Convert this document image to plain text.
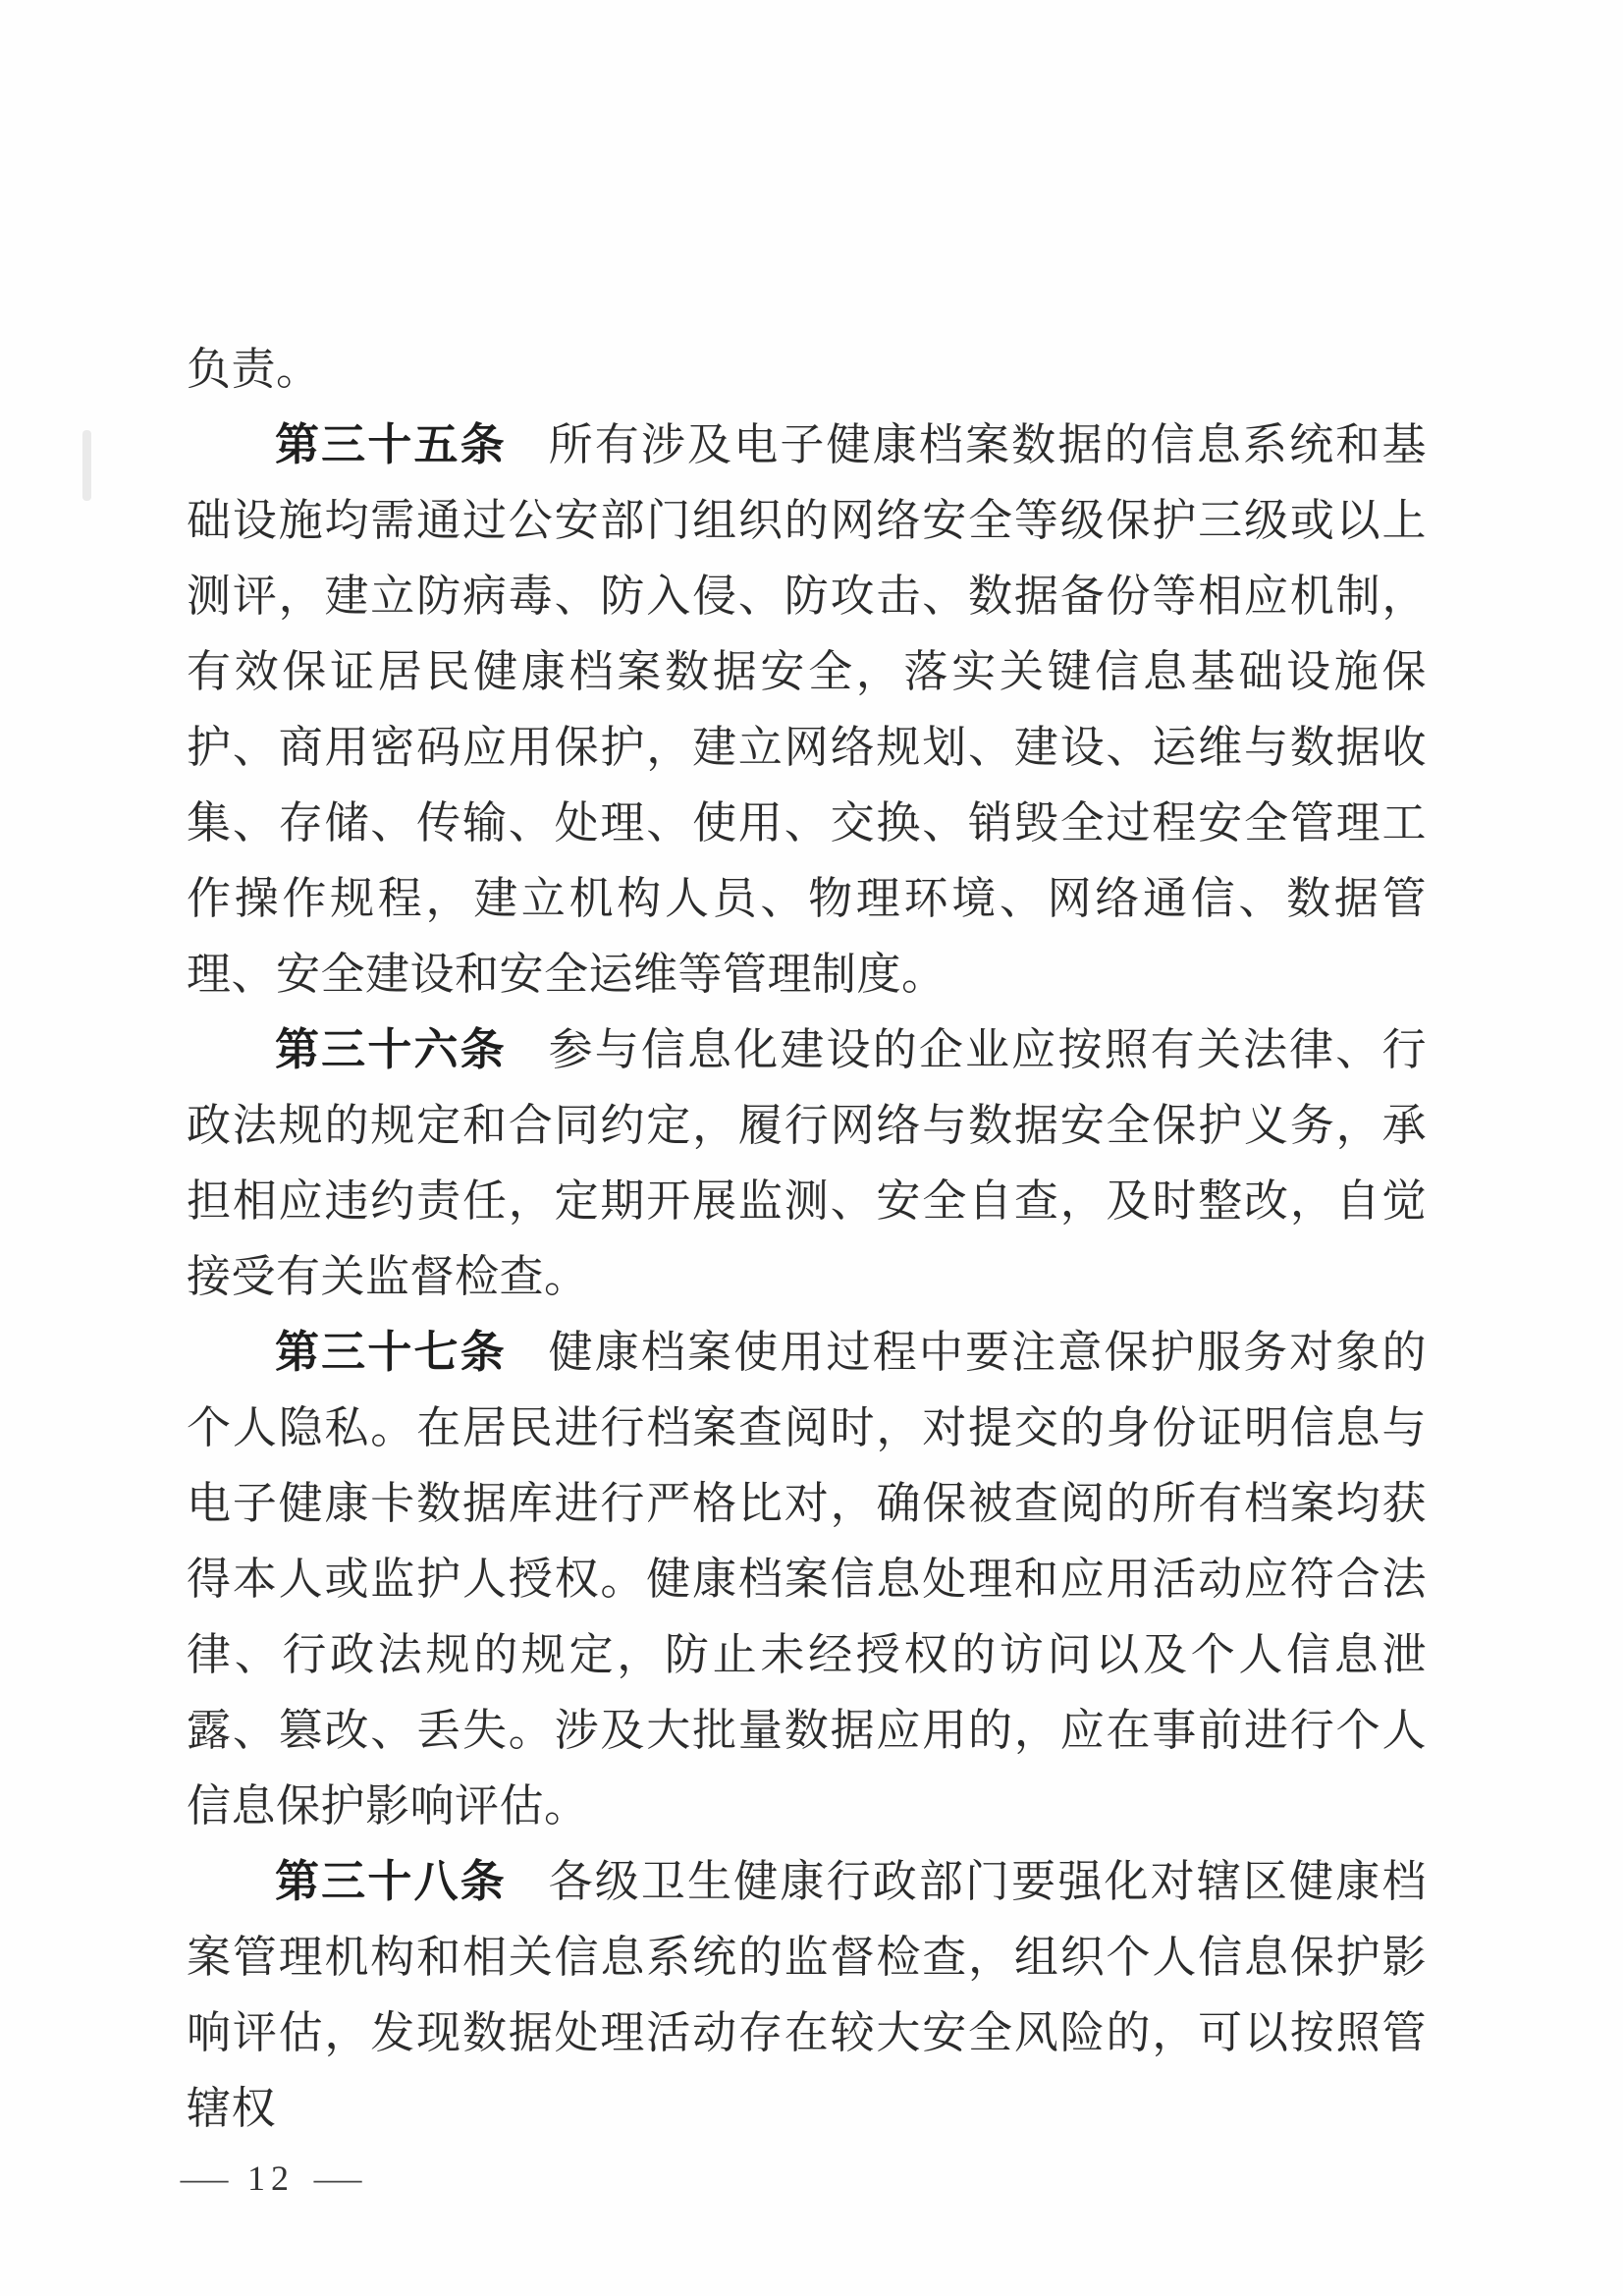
负责。

第三十五条 所有涉及电子健康档案数据的信息系统和基础设施均需通过公安部门组织的网络安全等级保护三级或以上测评，建立防病毒、防入侵、防攻击、数据备份等相应机制，有效保证居民健康档案数据安全，落实关键信息基础设施保护、商用密码应用保护，建立网络规划、建设、运维与数据收集、存储、传输、处理、使用、交换、销毁全过程安全管理工作操作规程，建立机构人员、物理环境、网络通信、数据管理、安全建设和安全运维等管理制度。

第三十六条 参与信息化建设的企业应按照有关法律、行政法规的规定和合同约定，履行网络与数据安全保护义务，承担相应违约责任，定期开展监测、安全自查，及时整改，自觉接受有关监督检查。

第三十七条 健康档案使用过程中要注意保护服务对象的个人隐私。在居民进行档案查阅时，对提交的身份证明信息与电子健康卡数据库进行严格比对，确保被查阅的所有档案均获得本人或监护人授权。健康档案信息处理和应用活动应符合法律、行政法规的规定，防止未经授权的访问以及个人信息泄露、篡改、丢失。涉及大批量数据应用的，应在事前进行个人信息保护影响评估。

第三十八条 各级卫生健康行政部门要强化对辖区健康档案管理机构和相关信息系统的监督检查，组织个人信息保护影响评估，发现数据处理活动存在较大安全风险的，可以按照管辖权

— 12 —
